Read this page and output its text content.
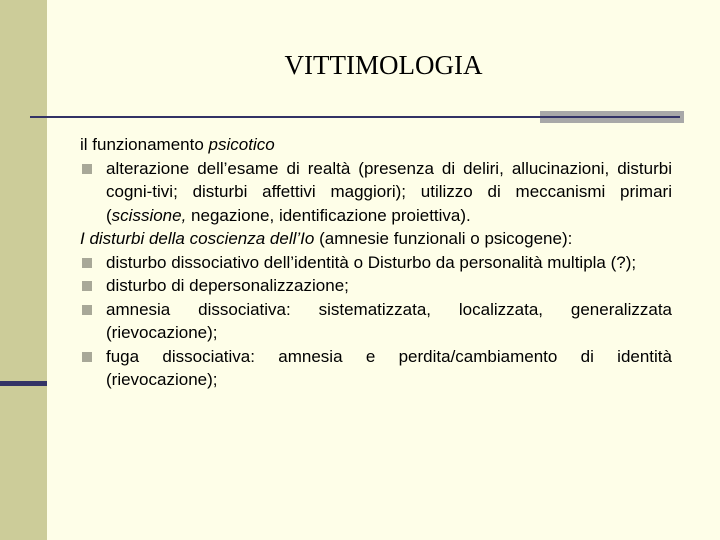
VITTIMOLOGIA

il funzionamento psicotico

alterazione dell’esame di realtà (presenza di deliri, allucinazioni, disturbi cogni-tivi; disturbi affettivi maggiori); utilizzo di meccanismi primari (scissione, negazione, identificazione proiettiva).

I disturbi della coscienza dell’Io (amnesie funzionali o psicogene):

disturbo dissociativo dell’identità o Disturbo da personalità multipla (?);

disturbo di depersonalizzazione;

amnesia dissociativa: sistematizzata, localizzata, generalizzata (rievocazione);

fuga dissociativa: amnesia e perdita/cambiamento di identità (rievocazione);
